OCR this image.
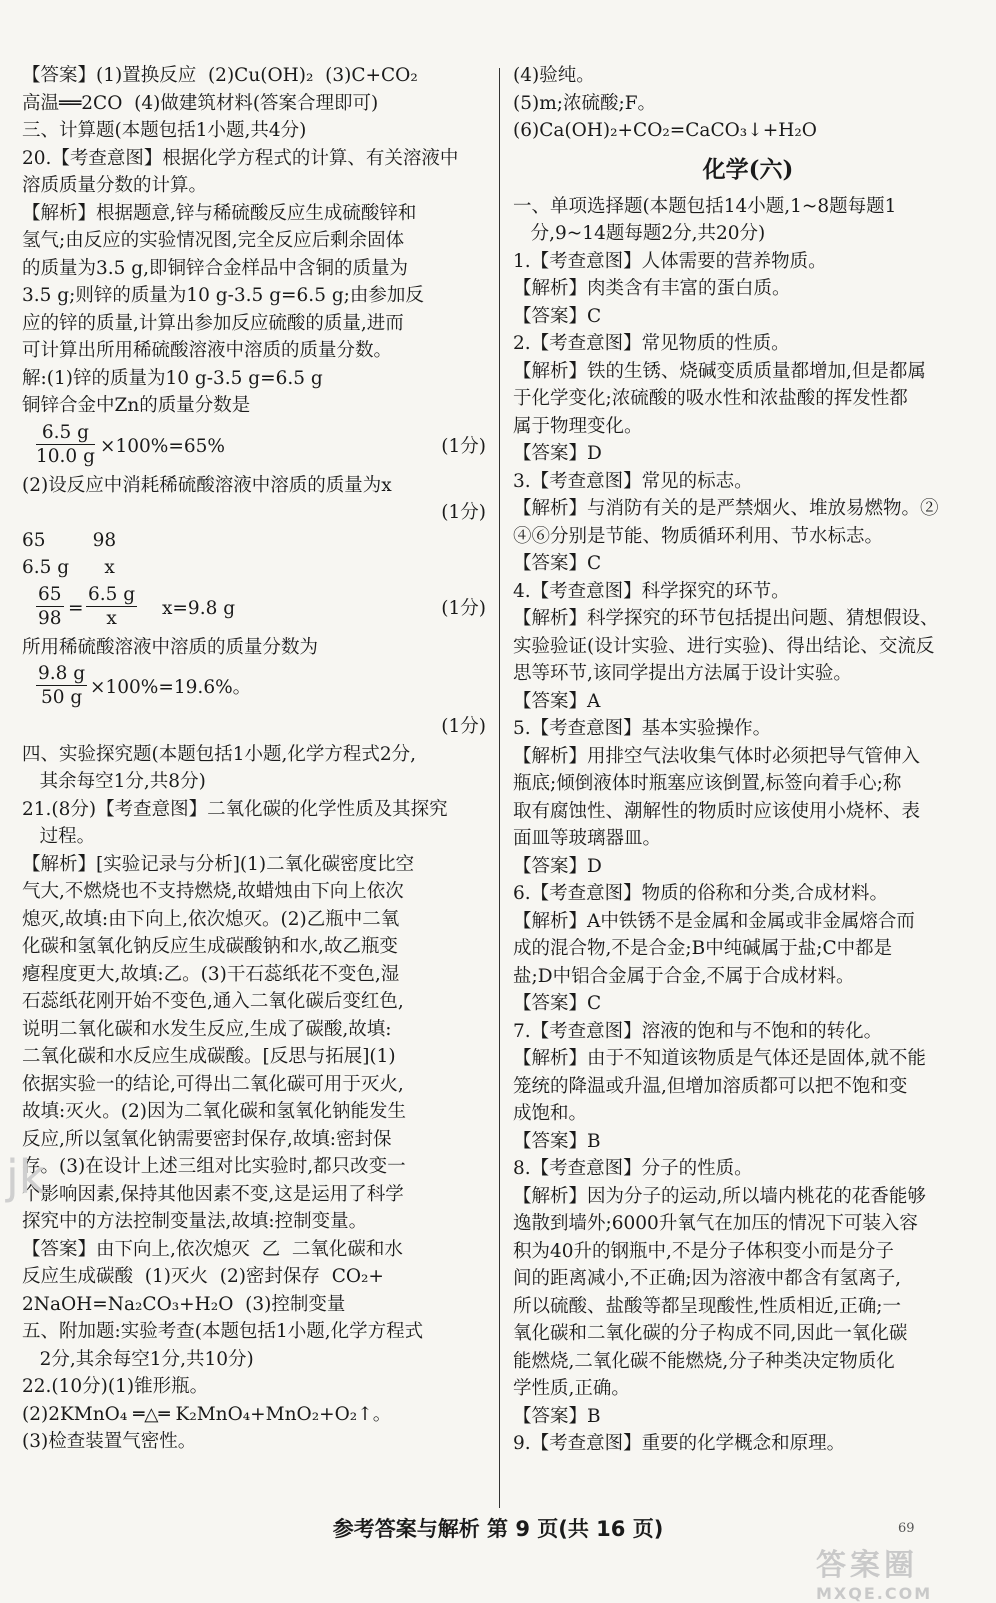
【答案】(1)置换反应  (2)Cu(OH)₂  (3)C+CO₂
高温══2CO  (4)做建筑材料(答案合理即可)
三、计算题(本题包括1小题,共4分)
20.【考查意图】根据化学方程式的计算、有关溶液中
溶质质量分数的计算。
【解析】根据题意,锌与稀硫酸反应生成硫酸锌和
氢气;由反应的实验情况图,完全反应后剩余固体
的质量为3.5 g,即铜锌合金样品中含铜的质量为
3.5 g;则锌的质量为10 g-3.5 g=6.5 g;由参加反
应的锌的质量,计算出参加反应硫酸的质量,进而
可计算出所用稀硫酸溶液中溶质的质量分数。
解:(1)锌的质量为10 g-3.5 g=6.5 g
铜锌合金中Zn的质量分数是
$\frac{6.5 g}{10.0 g} \times 100\%=65\%$	(1分)
(2)设反应中消耗稀硫酸溶液中溶质的质量为x

(1分)

65        98
6.5 g      x
$\frac{65}{98} = \frac{6.5 g}{x} x=9.8$ g	(1分)
所用稀硫酸溶液中溶质的质量分数为
$\frac{9.8 g}{50 g} \times 100\%=19.6\%$。

(1分)

四、实验探究题(本题包括1小题,化学方程式2分,
其余每空1分,共8分)
21.(8分)【考查意图】二氧化碳的化学性质及其探究
过程。
【解析】[实验记录与分析](1)二氧化碳密度比空
气大,不燃烧也不支持燃烧,故蜡烛由下向上依次
熄灭,故填:由下向上,依次熄灭。(2)乙瓶中二氧
化碳和氢氧化钠反应生成碳酸钠和水,故乙瓶变
瘪程度更大,故填:乙。(3)干石蕊纸花不变色,湿
石蕊纸花刚开始不变色,通入二氧化碳后变红色,
说明二氧化碳和水发生反应,生成了碳酸,故填:
二氧化碳和水反应生成碳酸。[反思与拓展](1)
依据实验一的结论,可得出二氧化碳可用于灭火,
故填:灭火。(2)因为二氧化碳和氢氧化钠能发生
反应,所以氢氧化钠需要密封保存,故填:密封保
存。(3)在设计上述三组对比实验时,都只改变一
个影响因素,保持其他因素不变,这是运用了科学
探究中的方法控制变量法,故填:控制变量。
【答案】由下向上,依次熄灭  乙  二氧化碳和水
反应生成碳酸  (1)灭火  (2)密封保存  CO₂+
2NaOH=Na₂CO₃+H₂O  (3)控制变量
五、附加题:实验考查(本题包括1小题,化学方程式
2分,其余每空1分,共10分)
22.(10分)(1)锥形瓶。
(2)2KMnO₄ ═△═ K₂MnO₄+MnO₂+O₂↑。
(3)检查装置气密性。
(4)验纯。
(5)m;浓硫酸;F。
(6)Ca(OH)₂+CO₂=CaCO₃↓+H₂O
化学(六)
一、单项选择题(本题包括14小题,1~8题每题1
分,9~14题每题2分,共20分)
1.【考查意图】人体需要的营养物质。
【解析】肉类含有丰富的蛋白质。
【答案】C
2.【考查意图】常见物质的性质。
【解析】铁的生锈、烧碱变质质量都增加,但是都属
于化学变化;浓硫酸的吸水性和浓盐酸的挥发性都
属于物理变化。
【答案】D
3.【考查意图】常见的标志。
【解析】与消防有关的是严禁烟火、堆放易燃物。②
④⑥分别是节能、物质循环利用、节水标志。
【答案】C
4.【考查意图】科学探究的环节。
【解析】科学探究的环节包括提出问题、猜想假设、
实验验证(设计实验、进行实验)、得出结论、交流反
思等环节,该同学提出方法属于设计实验。
【答案】A
5.【考查意图】基本实验操作。
【解析】用排空气法收集气体时必须把导气管伸入
瓶底;倾倒液体时瓶塞应该倒置,标签向着手心;称
取有腐蚀性、潮解性的物质时应该使用小烧杯、表
面皿等玻璃器皿。
【答案】D
6.【考查意图】物质的俗称和分类,合成材料。
【解析】A中铁锈不是金属和金属或非金属熔合而
成的混合物,不是合金;B中纯碱属于盐;C中都是
盐;D中铝合金属于合金,不属于合成材料。
【答案】C
7.【考查意图】溶液的饱和与不饱和的转化。
【解析】由于不知道该物质是气体还是固体,就不能
笼统的降温或升温,但增加溶质都可以把不饱和变
成饱和。
【答案】B
8.【考查意图】分子的性质。
【解析】因为分子的运动,所以墙内桃花的花香能够
逸散到墙外;6000升氧气在加压的情况下可装入容
积为40升的钢瓶中,不是分子体积变小而是分子
间的距离减小,不正确;因为溶液中都含有氢离子,
所以硫酸、盐酸等都呈现酸性,性质相近,正确;一
氧化碳和二氧化碳的分子构成不同,因此一氧化碳
能燃烧,二氧化碳不能燃烧,分子种类决定物质化
学性质,正确。
【答案】B
9.【考查意图】重要的化学概念和原理。
jk
参考答案与解析 第 9 页(共 16 页)	69
答案圈
MXQE.COM
